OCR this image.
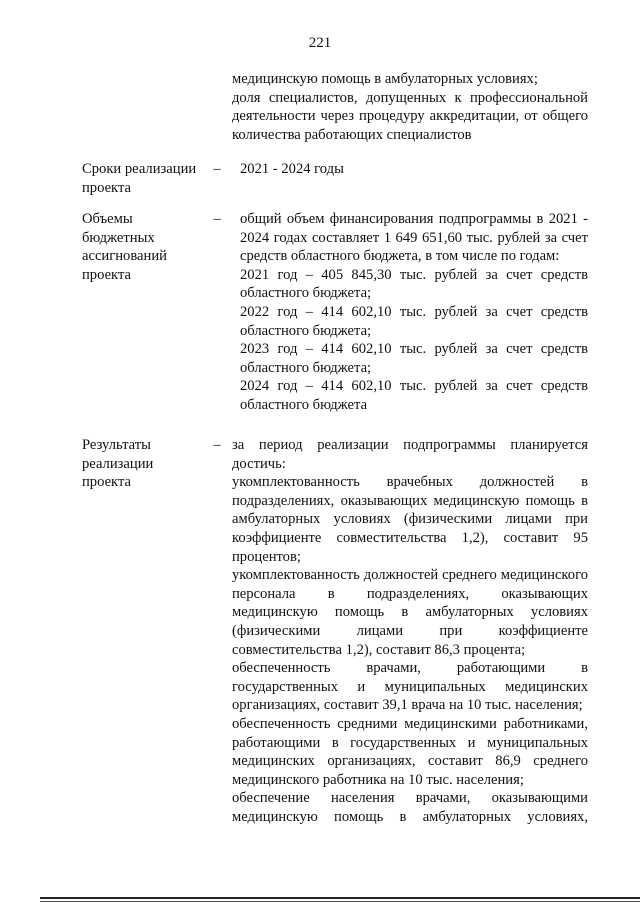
221

медицинскую помощь в амбулаторных условиях;

доля специалистов, допущенных к профессиональной деятельности через процедуру аккредитации, от общего количества работающих специалистов

Сроки реализации проекта
– 2021 - 2024 годы

Объемы бюджетных ассигнований проекта
– общий объем финансирования подпрограммы в 2021 - 2024 годах составляет 1 649 651,60 тыс. рублей за счет средств областного бюджета, в том числе по годам:

2021 год – 405 845,30 тыс. рублей за счет средств областного бюджета;

2022 год – 414 602,10 тыс. рублей за счет средств областного бюджета;

2023 год – 414 602,10 тыс. рублей за счет средств областного бюджета;

2024 год – 414 602,10 тыс. рублей за счет средств областного бюджета

Результаты реализации проекта
– за период реализации подпрограммы планируется достичь:

укомплектованность врачебных должностей в подразделениях, оказывающих медицинскую помощь в амбулаторных условиях (физическими лицами при коэффициенте совместительства 1,2), составит 95 процентов;

укомплектованность должностей среднего медицинского персонала в подразделениях, оказывающих медицинскую помощь в амбулаторных условиях (физическими лицами при коэффициенте совместительства 1,2), составит 86,3 процента;

обеспеченность врачами, работающими в государственных и муниципальных медицинских организациях, составит 39,1 врача на 10 тыс. населения;

обеспеченность средними медицинскими работниками, работающими в государственных и муниципальных медицинских организациях, составит 86,9 среднего медицинского работника на 10 тыс. населения;

обеспечение населения врачами, оказывающими медицинскую помощь в амбулаторных условиях,
